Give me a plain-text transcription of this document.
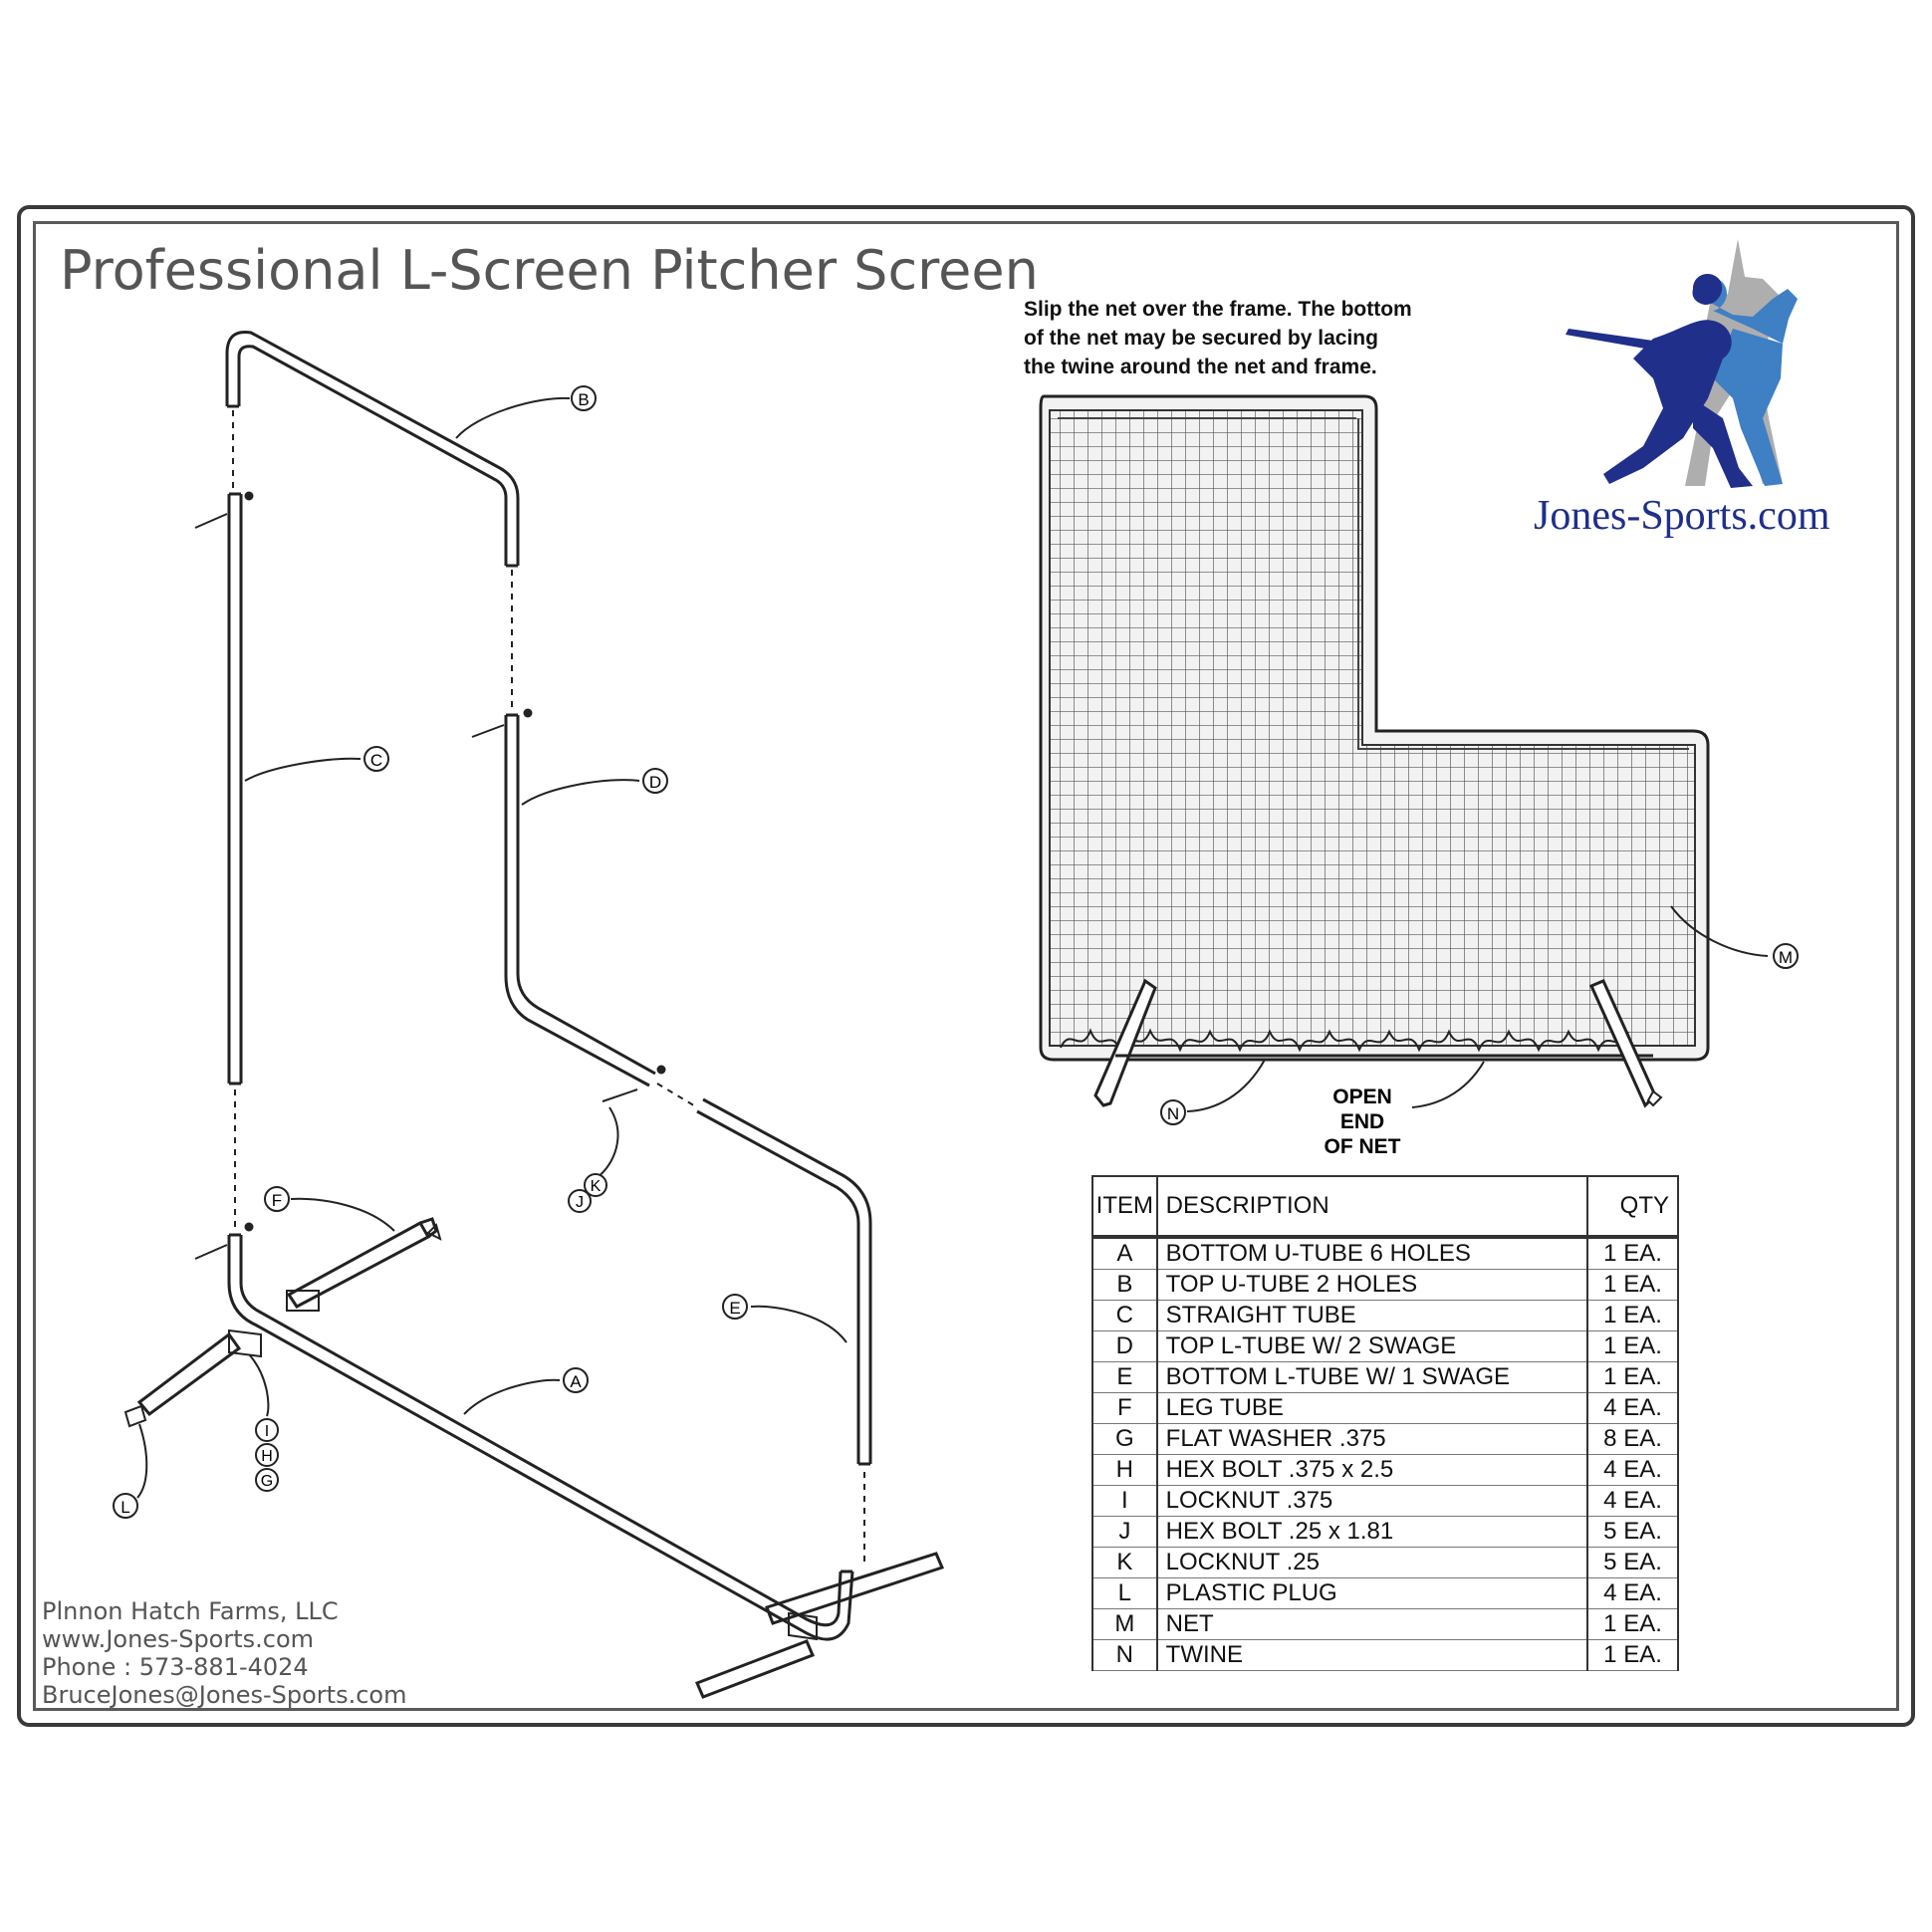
Professional L-Screen Pitcher Screen
Slip the net over the frame. The bottom
of the net may be secured by lacing
the twine around the net and frame.
Jones-Sports.com
Plnnon Hatch Farms, LLC
www.Jones-Sports.com
Phone : 573-881-4024
BruceJones@Jones-Sports.com
M
N
OPEN
END
OF NET
B
C
D
E
A
F
K
J
I
H
G
L
ITEM	DESCRIPTION	QTY
A	BOTTOM U-TUBE 6 HOLES	1 EA.
B	TOP U-TUBE 2 HOLES	1 EA.
C	STRAIGHT TUBE	1 EA.
D	TOP L-TUBE W/ 2 SWAGE	1 EA.
E	BOTTOM L-TUBE W/ 1 SWAGE	1 EA.
F	LEG TUBE	4 EA.
G	FLAT WASHER .375	8 EA.
H	HEX BOLT .375 x 2.5	4 EA.
I	LOCKNUT .375	4 EA.
J	HEX BOLT .25 x 1.81	5 EA.
K	LOCKNUT .25	5 EA.
L	PLASTIC PLUG	4 EA.
M	NET	1 EA.
N	TWINE	1 EA.
